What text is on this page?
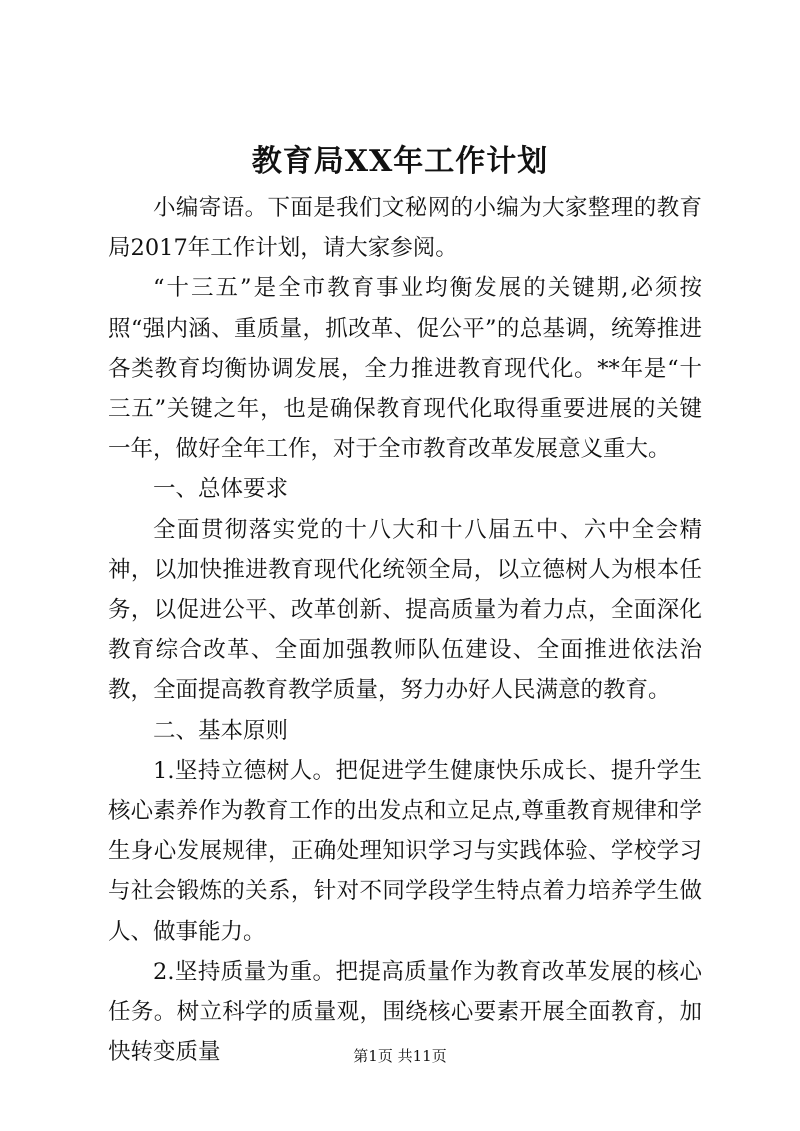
教育局XX年工作计划

小编寄语。下面是我们文秘网的小编为大家整理的教育局2017年工作计划，请大家参阅。

“十三五”是全市教育事业均衡发展的关键期,必须按照“强内涵、重质量，抓改革、促公平”的总基调，统筹推进各类教育均衡协调发展，全力推进教育现代化。**年是“十三五”关键之年，也是确保教育现代化取得重要进展的关键一年，做好全年工作，对于全市教育改革发展意义重大。

一、总体要求

全面贯彻落实党的十八大和十八届五中、六中全会精神，以加快推进教育现代化统领全局，以立德树人为根本任务，以促进公平、改革创新、提高质量为着力点，全面深化教育综合改革、全面加强教师队伍建设、全面推进依法治教，全面提高教育教学质量，努力办好人民满意的教育。

二、基本原则

1.坚持立德树人。把促进学生健康快乐成长、提升学生核心素养作为教育工作的出发点和立足点,尊重教育规律和学生身心发展规律，正确处理知识学习与实践体验、学校学习与社会锻炼的关系，针对不同学段学生特点着力培养学生做人、做事能力。

2.坚持质量为重。把提高质量作为教育改革发展的核心任务。树立科学的质量观，围绕核心要素开展全面教育，加快转变质量	第1页 共11页
